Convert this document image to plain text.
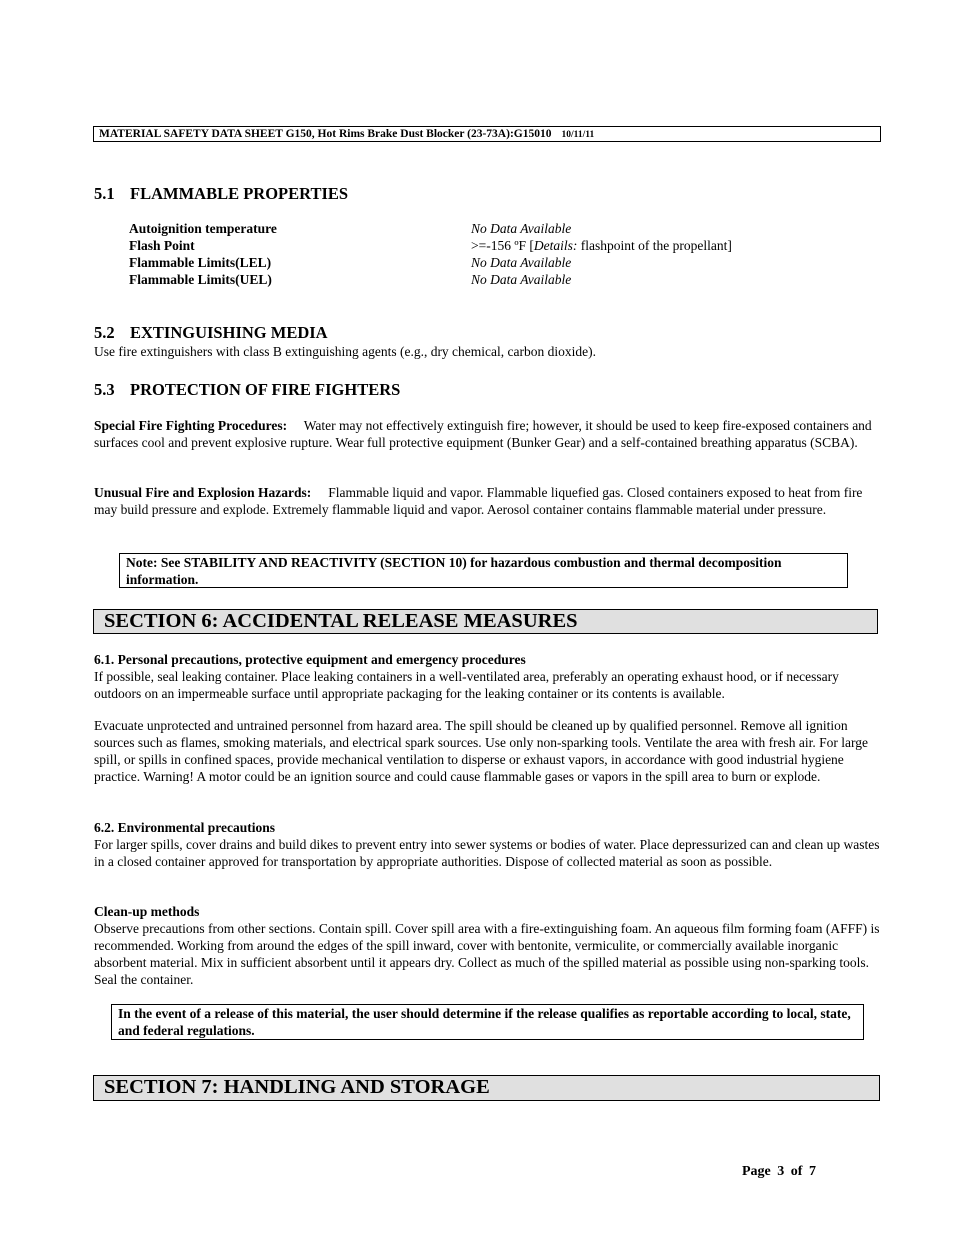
MATERIAL SAFETY DATA SHEET G150, Hot Rims Brake Dust Blocker (23-73A):G15010 10/11/11
5.1 FLAMMABLE PROPERTIES
Autoignition temperature	No Data Available
Flash Point	>=-156 ºF [Details: flashpoint of the propellant]
Flammable Limits(LEL)	No Data Available
Flammable Limits(UEL)	No Data Available
5.2 EXTINGUISHING MEDIA
Use fire extinguishers with class B extinguishing agents (e.g., dry chemical, carbon dioxide).
5.3 PROTECTION OF FIRE FIGHTERS
Special Fire Fighting Procedures: Water may not effectively extinguish fire; however, it should be used to keep fire-exposed containers and surfaces cool and prevent explosive rupture. Wear full protective equipment (Bunker Gear) and a self-contained breathing apparatus (SCBA).
Unusual Fire and Explosion Hazards: Flammable liquid and vapor. Flammable liquefied gas. Closed containers exposed to heat from fire may build pressure and explode. Extremely flammable liquid and vapor. Aerosol container contains flammable material under pressure.
Note: See STABILITY AND REACTIVITY (SECTION 10) for hazardous combustion and thermal decomposition information.
SECTION 6: ACCIDENTAL RELEASE MEASURES
6.1. Personal precautions, protective equipment and emergency procedures
If possible, seal leaking container. Place leaking containers in a well-ventilated area, preferably an operating exhaust hood, or if necessary outdoors on an impermeable surface until appropriate packaging for the leaking container or its contents is available.
Evacuate unprotected and untrained personnel from hazard area. The spill should be cleaned up by qualified personnel. Remove all ignition sources such as flames, smoking materials, and electrical spark sources. Use only non-sparking tools. Ventilate the area with fresh air. For large spill, or spills in confined spaces, provide mechanical ventilation to disperse or exhaust vapors, in accordance with good industrial hygiene practice. Warning! A motor could be an ignition source and could cause flammable gases or vapors in the spill area to burn or explode.
6.2. Environmental precautions
For larger spills, cover drains and build dikes to prevent entry into sewer systems or bodies of water. Place depressurized can and clean up wastes in a closed container approved for transportation by appropriate authorities. Dispose of collected material as soon as possible.
Clean-up methods
Observe precautions from other sections. Contain spill. Cover spill area with a fire-extinguishing foam. An aqueous film forming foam (AFFF) is recommended. Working from around the edges of the spill inward, cover with bentonite, vermiculite, or commercially available inorganic absorbent material. Mix in sufficient absorbent until it appears dry. Collect as much of the spilled material as possible using non-sparking tools. Seal the container.
In the event of a release of this material, the user should determine if the release qualifies as reportable according to local, state, and federal regulations.
SECTION 7: HANDLING AND STORAGE
Page 3 of 7
